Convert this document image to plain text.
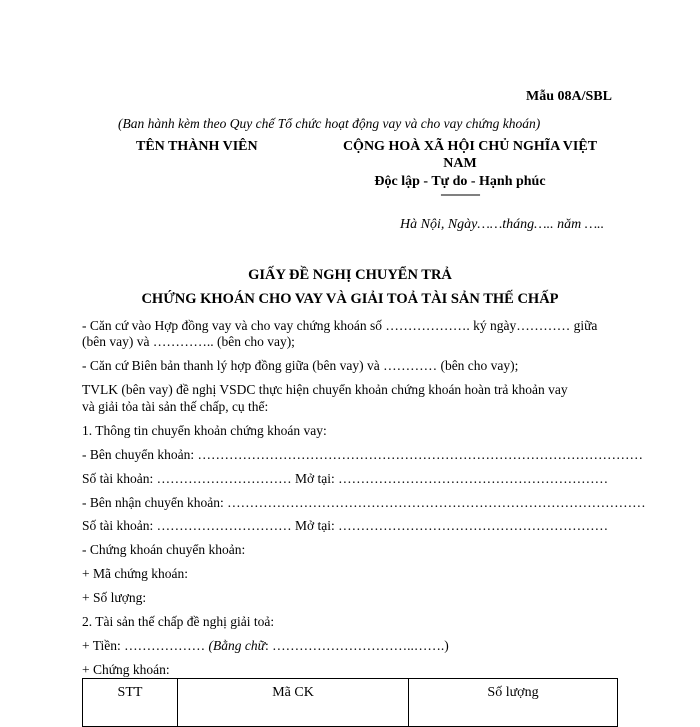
Mẫu 08A/SBL
(Ban hành kèm theo Quy chế Tổ chức hoạt động vay và cho vay chứng khoán)
TÊN THÀNH VIÊN	CỘNG HOÀ XÃ HỘI CHỦ NGHĨA VIỆT
NAM
Độc lập - Tự do - Hạnh phúc
-------------
Hà Nội, Ngày……tháng….. năm …..
GIẤY ĐỀ NGHỊ CHUYỂN TRẢ
CHỨNG KHOÁN CHO VAY VÀ GIẢI TOẢ TÀI SẢN THẾ CHẤP
- Căn cứ vào Hợp đồng vay và cho vay chứng khoán số ………………. ký ngày………… giữa
(bên vay) và ………….. (bên cho vay);
- Căn cứ Biên bản thanh lý hợp đồng giữa (bên vay) và ………… (bên cho vay);
TVLK (bên vay) đề nghị VSDC thực hiện chuyển khoản chứng khoán hoàn trả khoản vay
và giải tỏa tài sản thế chấp, cụ thể:
1. Thông tin chuyển khoản chứng khoán vay:
- Bên chuyển khoản: ………………………………………………………………………………………
Số tài khoản: ………………………… Mở tại: ……………………………………………………
- Bên nhận chuyển khoản: …………………………………………………………………………………
Số tài khoản: ………………………… Mở tại: ……………………………………………………
- Chứng khoán chuyển khoản:
+ Mã chứng khoán:
+ Số lượng:
2. Tài sản thế chấp đề nghị giải toả:
+ Tiền: ……………… (Bằng chữ: …………………………..…….)
+ Chứng khoán:
STT	Mã CK	Số lượng
